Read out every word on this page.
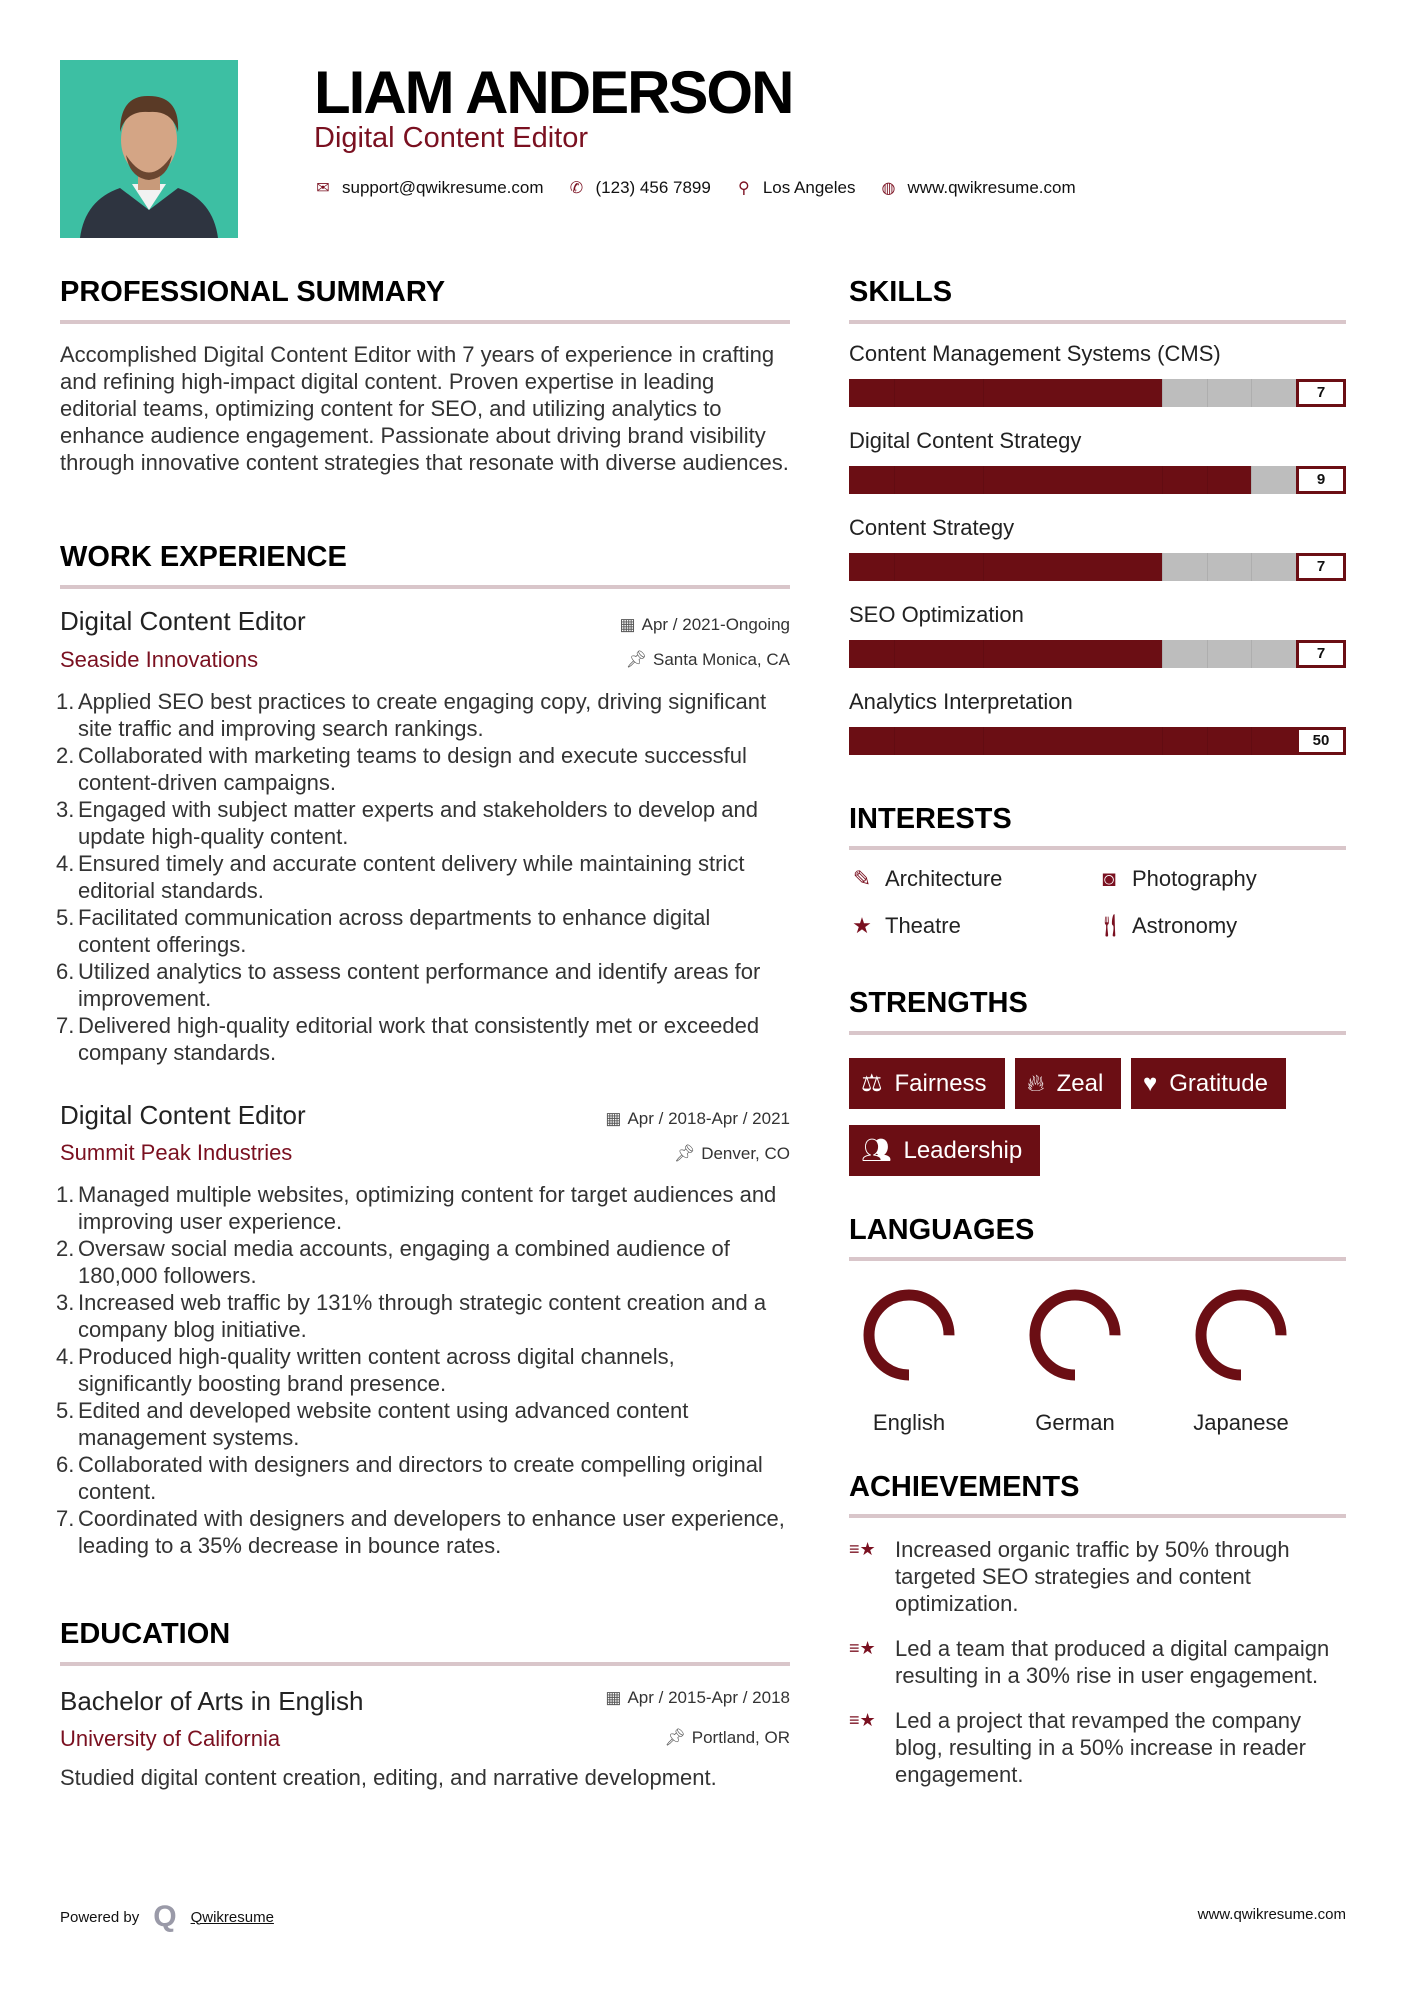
LIAM ANDERSON
Digital Content Editor
✉ support@qwikresume.com ✆ (123) 456 7899 ⚲ Los Angeles ◍ www.qwikresume.com
PROFESSIONAL SUMMARY
Accomplished Digital Content Editor with 7 years of experience in crafting and refining high-impact digital content. Proven expertise in leading editorial teams, optimizing content for SEO, and utilizing analytics to enhance audience engagement. Passionate about driving brand visibility through innovative content strategies that resonate with diverse audiences.
WORK EXPERIENCE
Digital Content Editor	▦ Apr / 2021-Ongoing
Seaside Innovations	📌︎ Santa Monica, CA
1. Applied SEO best practices to create engaging copy, driving significant site traffic and improving search rankings.
2. Collaborated with marketing teams to design and execute successful content-driven campaigns.
3. Engaged with subject matter experts and stakeholders to develop and update high-quality content.
4. Ensured timely and accurate content delivery while maintaining strict editorial standards.
5. Facilitated communication across departments to enhance digital content offerings.
6. Utilized analytics to assess content performance and identify areas for improvement.
7. Delivered high-quality editorial work that consistently met or exceeded company standards.
Digital Content Editor	▦ Apr / 2018-Apr / 2021
Summit Peak Industries	📌︎ Denver, CO
1. Managed multiple websites, optimizing content for target audiences and improving user experience.
2. Oversaw social media accounts, engaging a combined audience of 180,000 followers.
3. Increased web traffic by 131% through strategic content creation and a company blog initiative.
4. Produced high-quality written content across digital channels, significantly boosting brand presence.
5. Edited and developed website content using advanced content management systems.
6. Collaborated with designers and directors to create compelling original content.
7. Coordinated with designers and developers to enhance user experience, leading to a 35% decrease in bounce rates.
EDUCATION
Bachelor of Arts in English	▦ Apr / 2015-Apr / 2018
University of California	📌︎ Portland, OR
Studied digital content creation, editing, and narrative development.
SKILLS
Content Management Systems (CMS)
7
Digital Content Strategy
9
Content Strategy
7
SEO Optimization
7
Analytics Interpretation
50
INTERESTS
✎ Architecture	◙ Photography
★ Theatre	🍴︎ Astronomy
STRENGTHS
⚖ Fairness 🔥︎ Zeal ♥ Gratitude
👥︎ Leadership
LANGUAGES
English	German	Japanese
ACHIEVEMENTS
≡★ Increased organic traffic by 50% through targeted SEO strategies and content optimization.
≡★ Led a team that produced a digital campaign resulting in a 30% rise in user engagement.
≡★ Led a project that revamped the company blog, resulting in a 50% increase in reader engagement.
Powered by Q Qwikresume	www.qwikresume.com
